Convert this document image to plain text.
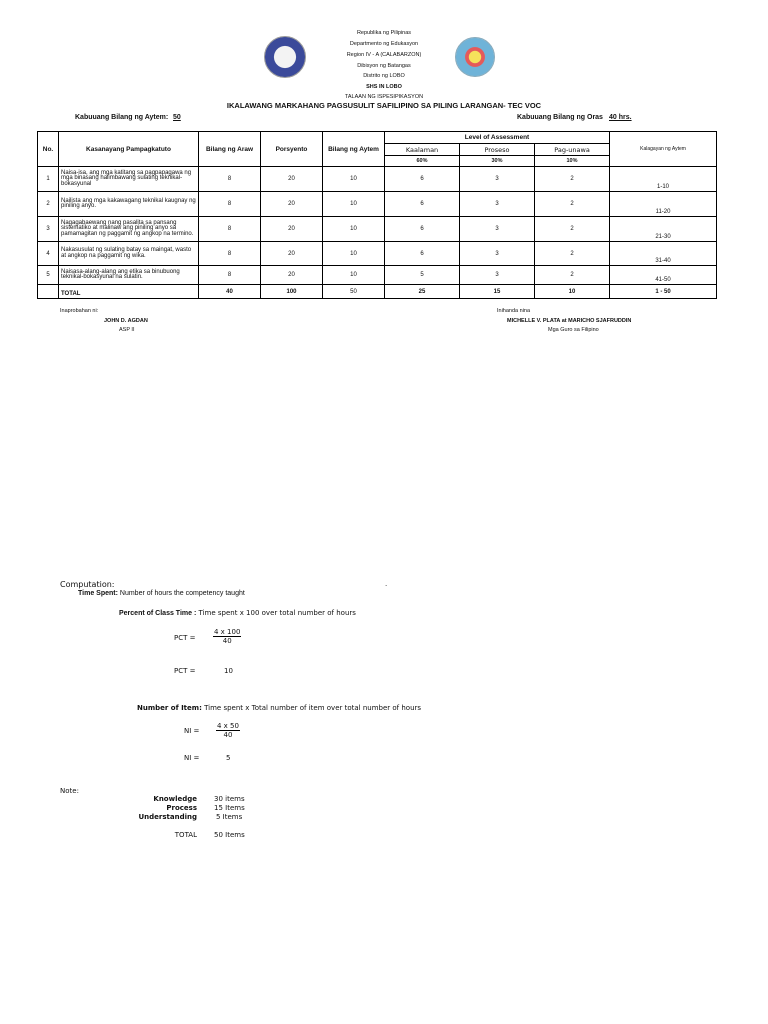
Republika ng Pilipinas
Departmento ng Edukasyon
Region IV - A (CALABARZON)
Dibisyon ng Batangas
Distrito ng LOBO
SHS IN LOBO
TALAAN NG ISPESIPIKASYON
IKALAWANG MARKAHANG PAGSUSULIT SAFILIPINO SA PILING LARANGAN- TEC VOC
Kabuuang Bilang ng Aytem: 50	Kabuuang Bilang ng Oras 40 hrs.
No.	Kasanayang Pampagkatuto	Bilang ng Araw	Porsyento	Bilang ng Aytem	Level of Assessment			Kalagayan ng Aytem
					Kaalaman	Proseso	Pag-unawa	
					60%	30%	10%	
1	Naisa-isa, ang mga katitang sa pagpapagawa ng mga binasang halimbawang sulating teknikal-bokasyunal	8	20	10	6	3	2	1-10
2	Nailista ang mga kakawagang teknikal kaugnay ng piniling anyo.	8	20	10	6	3	2	11-20
3	Nagagabaewang nang pasalita sa pansang sistematiko at malinaw ang piniling anyo sa pamamagitan ng paggamit ng angkop na termino.	8	20	10	6	3	2	21-30
4	Nakasusulat ng sulating batay sa maingat, wasto at angkop na paggamit ng wika.	8	20	10	6	3	2	31-40
5	Naisasa-alang-alang ang etika sa binubuong teknikal-bokasyunal na sulatin.	8	20	10	5	3	2	41-50
	TOTAL	40	100	50	25	15	10	1 - 50
Inaprobahan ni:
JOHN D. AGDAN
ASP II
Inihanda nina
MICHELLE V. PLATA at MARICHO SJAFRUDDIN
Mga Guro sa Filipino
Computation:	.
Time Spent: Number of hours the competency taught
Percent of Class Time : Time spent x 100 over total number of hours
PCT =	$\frac{4 x 100}{40}$
PCT =	10
Number of Item: Time spent x Total number of item over total number of hours
NI = $\frac{4 x 50}{40}$
NI =	5
Note:
Knowledge 30 items
Process 15 Items
Understanding	5 Items
TOTAL 50 Items
